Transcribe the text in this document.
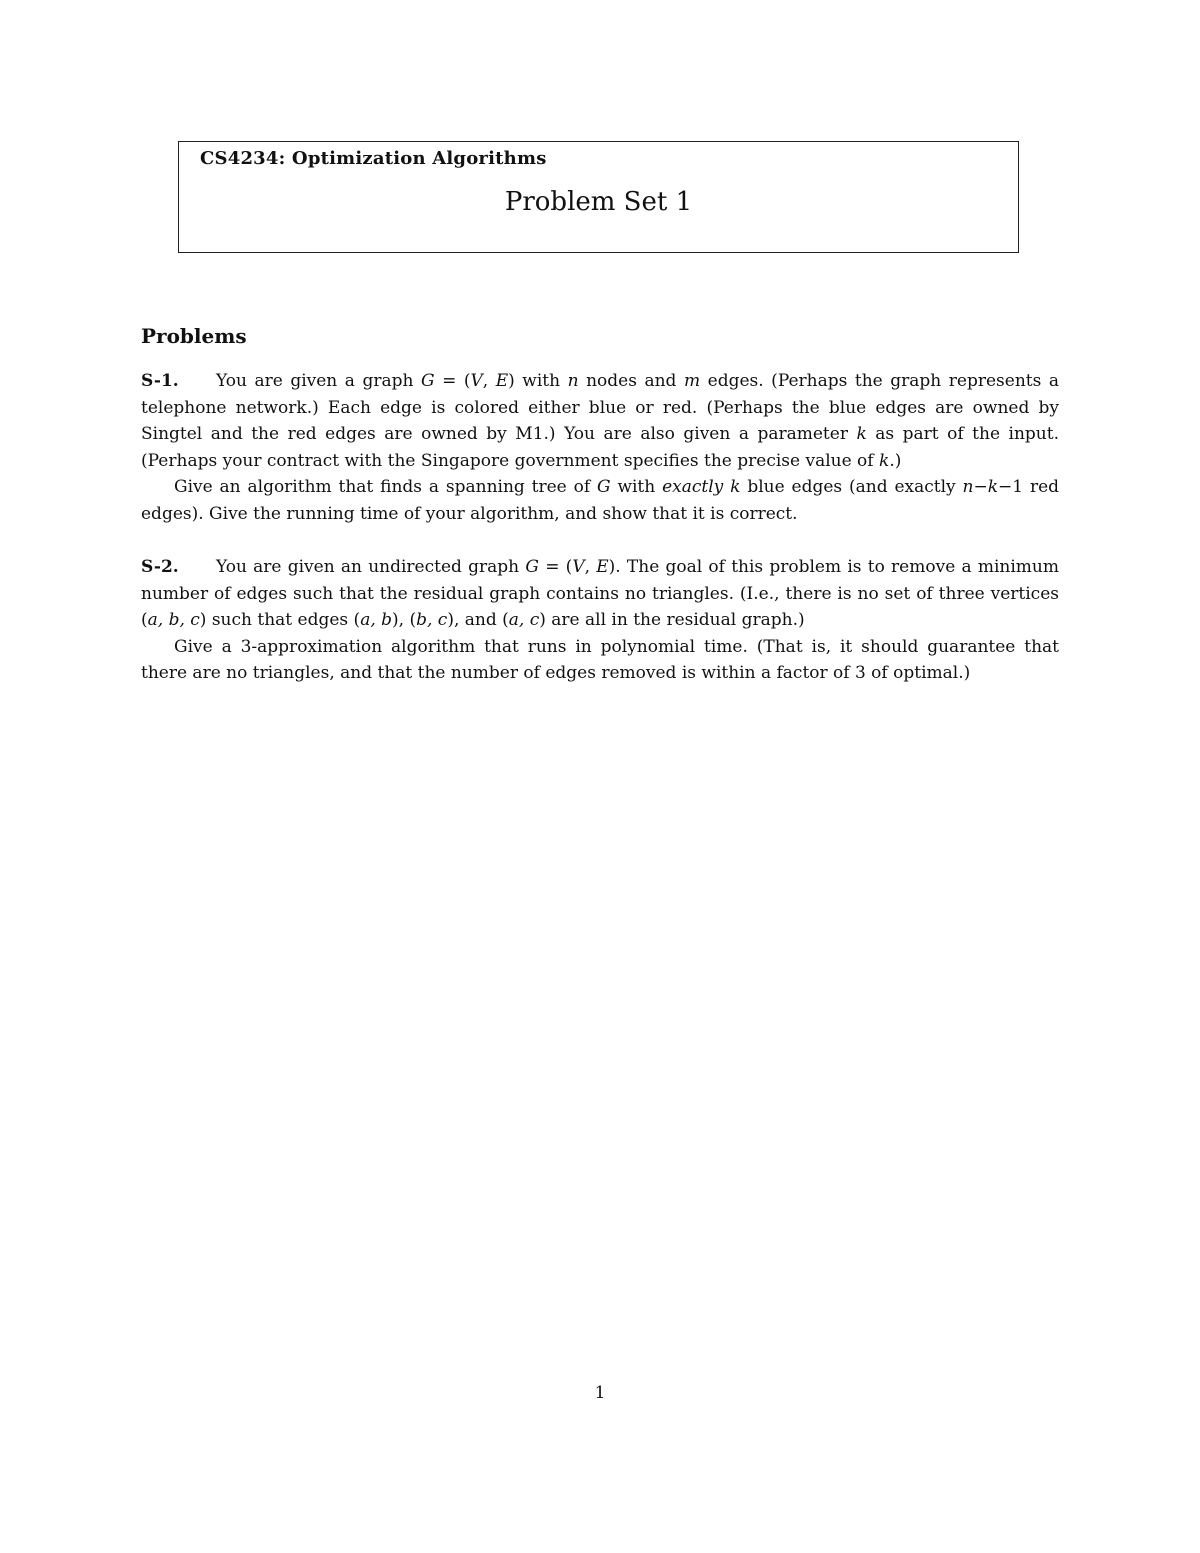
CS4234: Optimization Algorithms
Problem Set 1
Problems

S-1. You are given a graph G = (V, E) with n nodes and m edges. (Perhaps the graph represents a telephone network.) Each edge is colored either blue or red. (Perhaps the blue edges are owned by Singtel and the red edges are owned by M1.) You are also given a parameter k as part of the input. (Perhaps your contract with the Singapore government specifies the precise value of k.)

Give an algorithm that finds a spanning tree of G with exactly k blue edges (and exactly n−k−1 red edges). Give the running time of your algorithm, and show that it is correct.

S-2. You are given an undirected graph G = (V, E). The goal of this problem is to remove a minimum number of edges such that the residual graph contains no triangles. (I.e., there is no set of three vertices (a, b, c) such that edges (a, b), (b, c), and (a, c) are all in the residual graph.)

Give a 3-approximation algorithm that runs in polynomial time. (That is, it should guarantee that there are no triangles, and that the number of edges removed is within a factor of 3 of optimal.)

1
